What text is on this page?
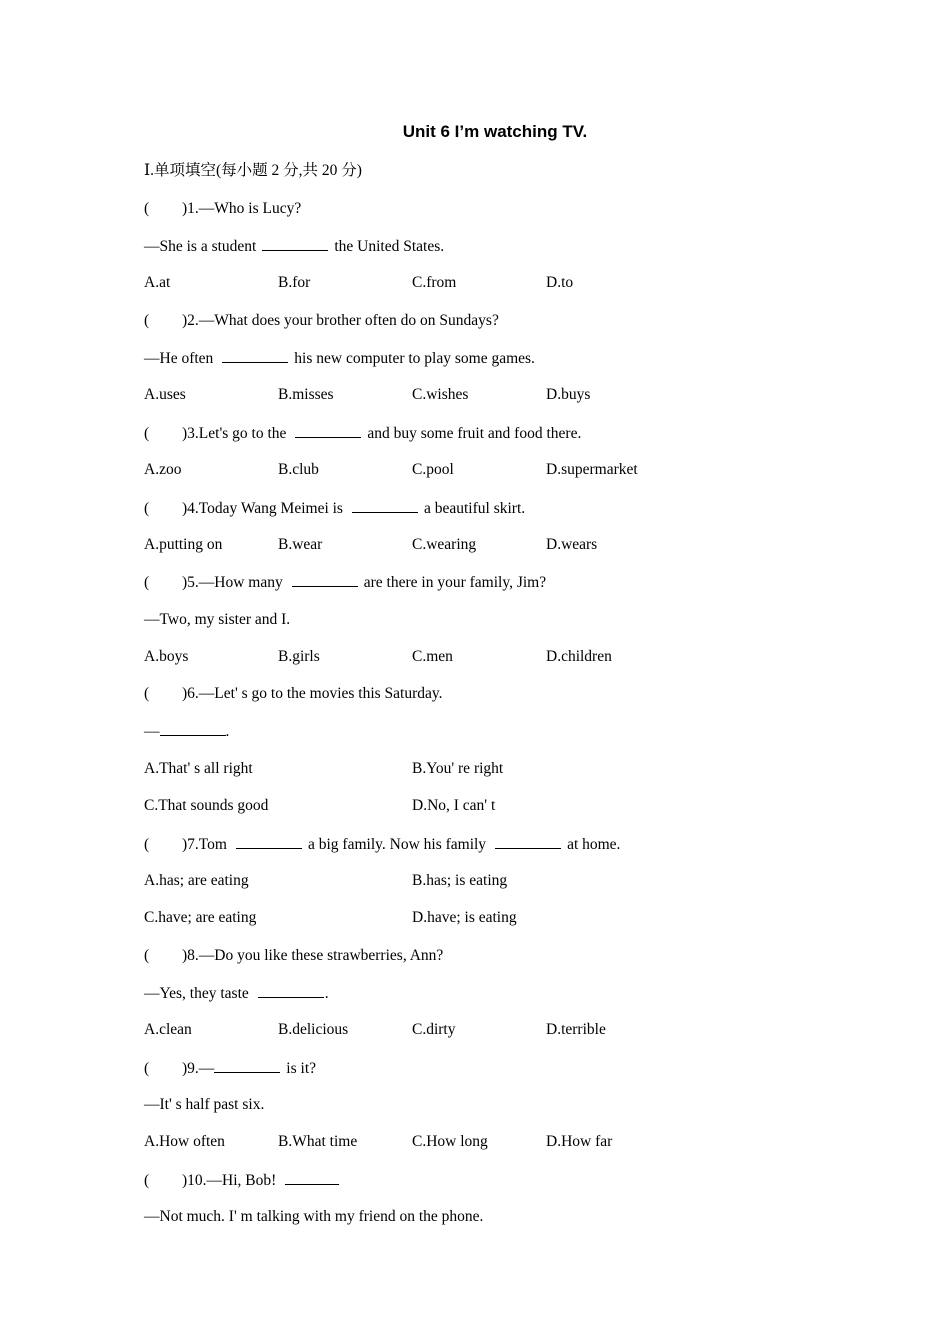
Unit 6 I’m watching TV.
Ⅰ.单项填空(每小题 2 分,共 20 分)
( )1.—Who is Lucy?
—She is a student	the United States.
A.at	B.for	C.from	D.to
( )2.—What does your brother often do on Sundays?
—He often	his new computer to play some games.
A.uses	B.misses	C.wishes	D.buys
( )3.Let's go to the	and buy some fruit and food there.
A.zoo	B.club	C.pool	D.supermarket
( )4.Today Wang Meimei is	a beautiful skirt.
A.putting on	B.wear	C.wearing	D.wears
( )5.—How many	are there in your family, Jim?
—Two, my sister and I.
A.boys	B.girls	C.men	D.children
( )6.—Let' s go to the movies this Saturday.
—	.
A.That' s all right	B.You' re right
C.That sounds good	D.No, I can' t
( )7.Tom	a big family. Now his family	at home.
A.has; are eating	B.has; is eating
C.have; are eating	D.have; is eating
( )8.—Do you like these strawberries, Ann?
—Yes, they taste	.
A.clean	B.delicious	C.dirty	D.terrible
( )9.—	is it?
—It' s half past six.
A.How often	B.What time	C.How long	D.How far
( )10.—Hi, Bob!
—Not much. I' m talking with my friend on the phone.
